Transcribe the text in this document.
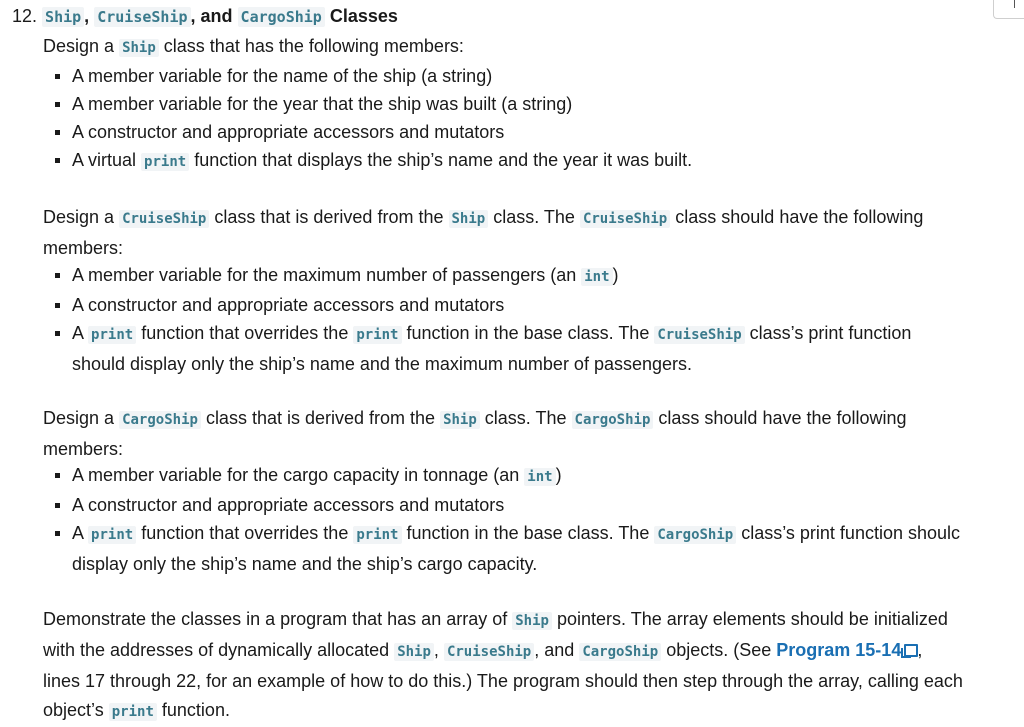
12. Ship , CruiseShip , and CargoShip Classes
Design a Ship class that has the following members:
A member variable for the name of the ship (a string)
A member variable for the year that the ship was built (a string)
A constructor and appropriate accessors and mutators
A virtual print function that displays the ship’s name and the year it was built.
Design a CruiseShip class that is derived from the Ship class. The CruiseShip class should have the following
members:
A member variable for the maximum number of passengers (an int )
A constructor and appropriate accessors and mutators
A print function that overrides the print function in the base class. The CruiseShip class’s print function
should display only the ship’s name and the maximum number of passengers.
Design a CargoShip class that is derived from the Ship class. The CargoShip class should have the following
members:
A member variable for the cargo capacity in tonnage (an int )
A constructor and appropriate accessors and mutators
A print function that overrides the print function in the base class. The CargoShip class’s print function shoulc
display only the ship’s name and the ship’s cargo capacity.
Demonstrate the classes in a program that has an array of Ship pointers. The array elements should be initialized
with the addresses of dynamically allocated Ship , CruiseShip , and CargoShip objects. (See Program 15-14 ,
lines 17 through 22, for an example of how to do this.) The program should then step through the array, calling each
object’s print function.
